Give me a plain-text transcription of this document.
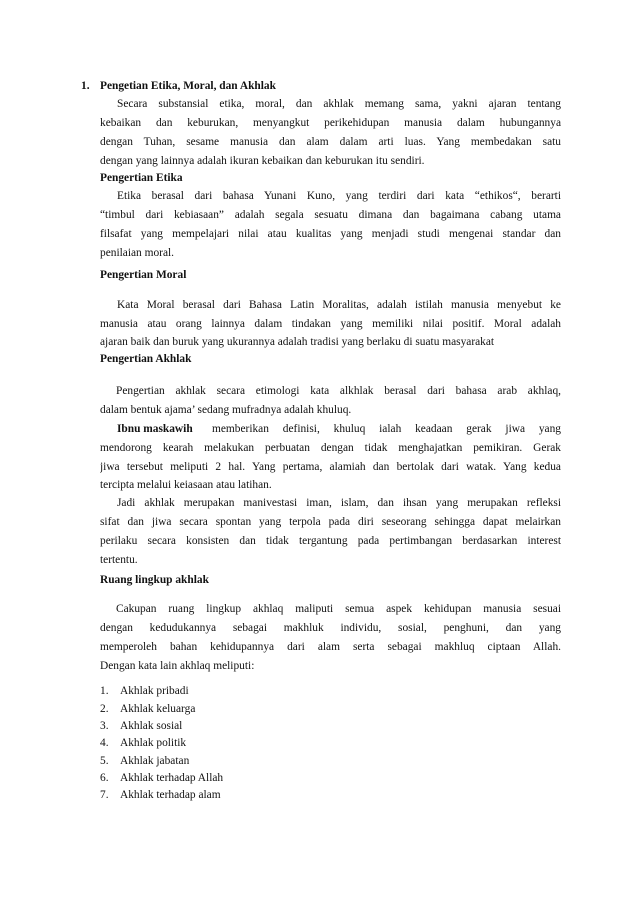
1. Pengetian Etika, Moral, dan Akhlak
Secara substansial etika, moral, dan akhlak memang sama, yakni ajaran tentang
kebaikan dan keburukan, menyangkut perikehidupan manusia dalam hubungannya
dengan Tuhan, sesame manusia dan alam dalam arti luas. Yang membedakan satu
dengan yang lainnya adalah ikuran kebaikan dan keburukan itu sendiri.
Pengertian Etika
Etika berasal dari bahasa Yunani Kuno, yang terdiri dari kata “ethikos“, berarti
“timbul dari kebiasaan” adalah segala sesuatu dimana dan bagaimana cabang utama
filsafat yang mempelajari nilai atau kualitas yang menjadi studi mengenai standar dan
penilaian moral.
Pengertian Moral
Kata Moral berasal dari Bahasa Latin Moralitas, adalah istilah manusia menyebut ke
manusia atau orang lainnya dalam tindakan yang memiliki nilai positif. Moral adalah
ajaran baik dan buruk yang ukurannya adalah tradisi yang berlaku di suatu masyarakat
Pengertian Akhlak
Pengertian akhlak secara etimologi kata alkhlak berasal dari bahasa arab akhlaq,
dalam bentuk ajama’ sedang mufradnya adalah khuluq.
Ibnu maskawih memberikan definisi, khuluq ialah keadaan gerak jiwa yang
mendorong kearah melakukan perbuatan dengan tidak menghajatkan pemikiran. Gerak
jiwa tersebut meliputi 2 hal. Yang pertama, alamiah dan bertolak dari watak. Yang kedua
tercipta melalui keiasaan atau latihan.
Jadi akhlak merupakan manivestasi iman, islam, dan ihsan yang merupakan refleksi
sifat dan jiwa secara spontan yang terpola pada diri seseorang sehingga dapat melairkan
perilaku secara konsisten dan tidak tergantung pada pertimbangan berdasarkan interest
tertentu.
Ruang lingkup akhlak
Cakupan ruang lingkup akhlaq maliputi semua aspek kehidupan manusia sesuai
dengan kedudukannya sebagai makhluk individu, sosial, penghuni, dan yang
memperoleh bahan kehidupannya dari alam serta sebagai makhluq ciptaan Allah.
Dengan kata lain akhlaq meliputi:
1. Akhlak pribadi
2. Akhlak keluarga
3. Akhlak sosial
4. Akhlak politik
5. Akhlak jabatan
6. Akhlak terhadap Allah
7. Akhlak terhadap alam
